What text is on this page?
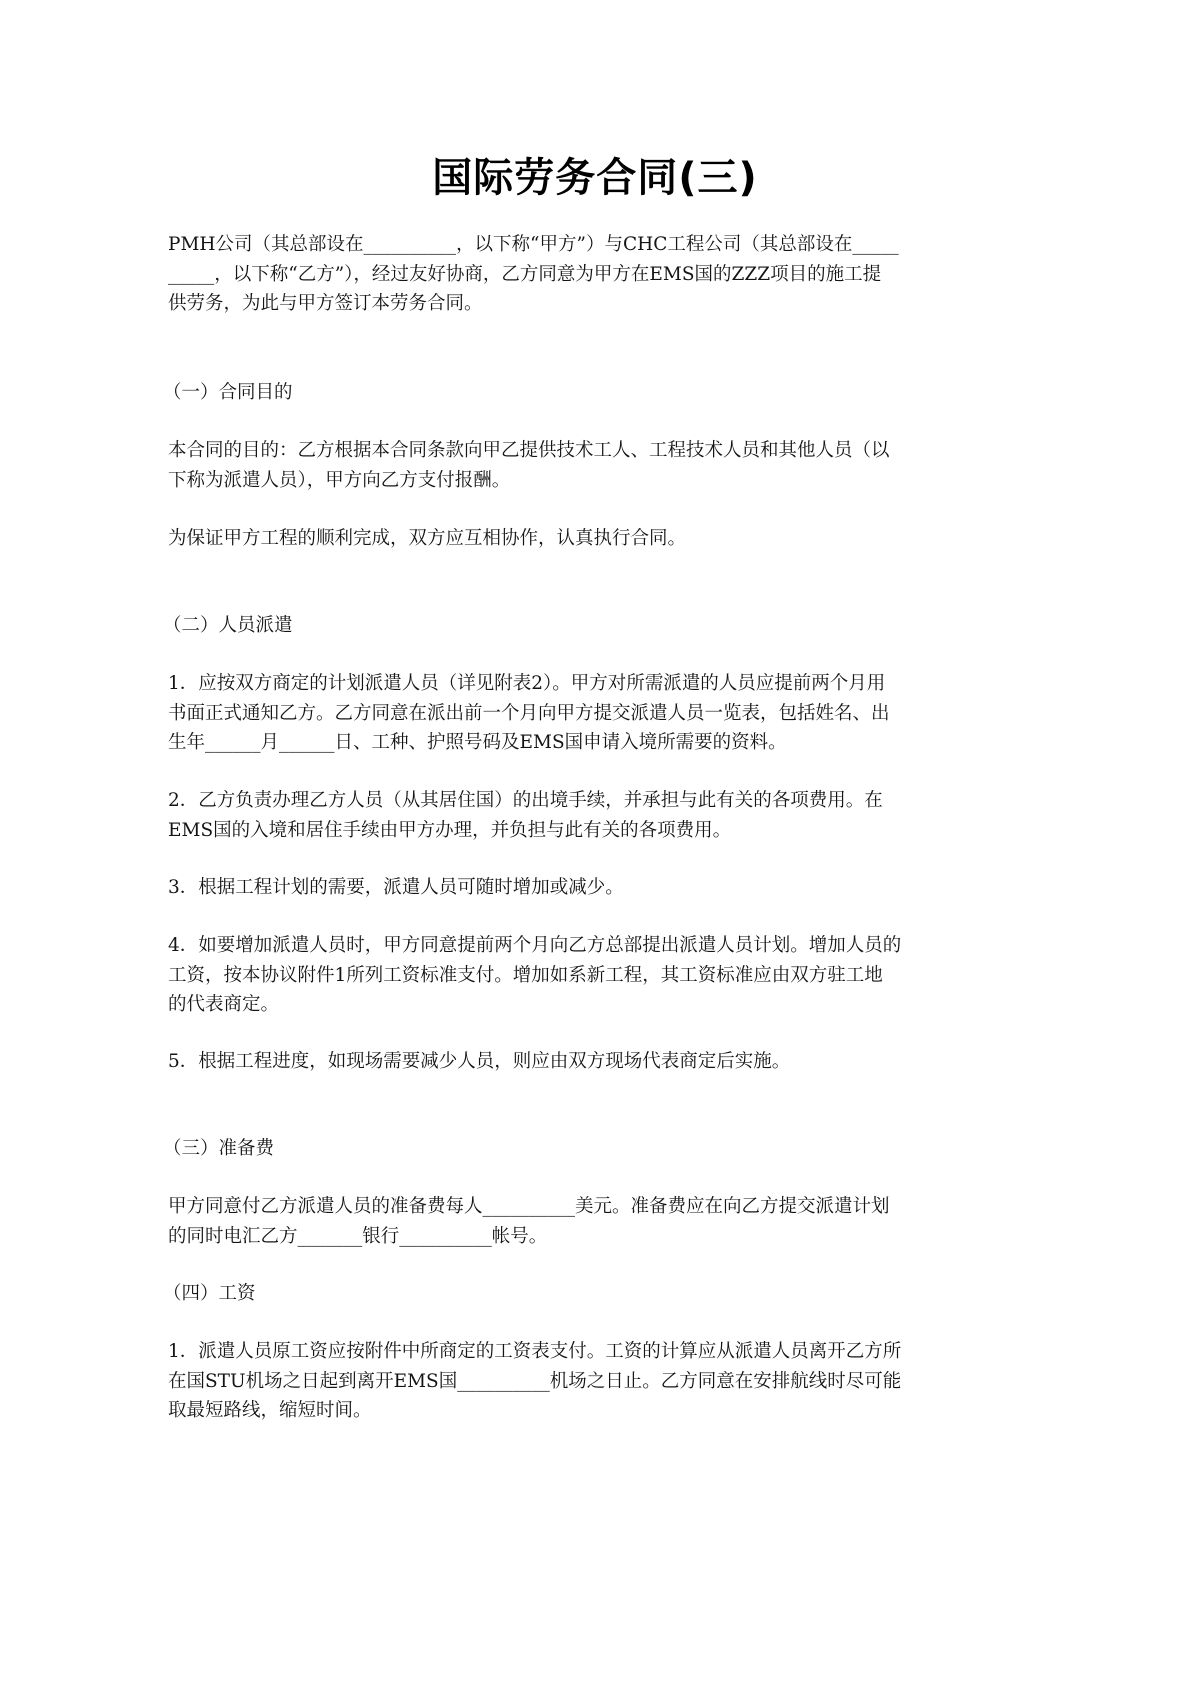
国际劳务合同(三)
PMH公司（其总部设在__________，以下称“甲方”）与CHC工程公司（其总部设在_____
_____，以下称“乙方”），经过友好协商，乙方同意为甲方在EMS国的ZZZ项目的施工提
供劳务，为此与甲方签订本劳务合同。
（一）合同目的
本合同的目的：乙方根据本合同条款向甲乙提供技术工人、工程技术人员和其他人员（以
下称为派遣人员），甲方向乙方支付报酬。
为保证甲方工程的顺利完成，双方应互相协作，认真执行合同。
（二）人员派遣
1．应按双方商定的计划派遣人员（详见附表2）。甲方对所需派遣的人员应提前两个月用
书面正式通知乙方。乙方同意在派出前一个月向甲方提交派遣人员一览表，包括姓名、出
生年______月______日、工种、护照号码及EMS国申请入境所需要的资料。
2．乙方负责办理乙方人员（从其居住国）的出境手续，并承担与此有关的各项费用。在
EMS国的入境和居住手续由甲方办理，并负担与此有关的各项费用。
3．根据工程计划的需要，派遣人员可随时增加或减少。
4．如要增加派遣人员时，甲方同意提前两个月向乙方总部提出派遣人员计划。增加人员的
工资，按本协议附件1所列工资标准支付。增加如系新工程，其工资标准应由双方驻工地
的代表商定。
5．根据工程进度，如现场需要减少人员，则应由双方现场代表商定后实施。
（三）准备费
甲方同意付乙方派遣人员的准备费每人__________美元。准备费应在向乙方提交派遣计划
的同时电汇乙方_______银行__________帐号。
（四）工资
1．派遣人员原工资应按附件中所商定的工资表支付。工资的计算应从派遣人员离开乙方所
在国STU机场之日起到离开EMS国__________机场之日止。乙方同意在安排航线时尽可能
取最短路线，缩短时间。
